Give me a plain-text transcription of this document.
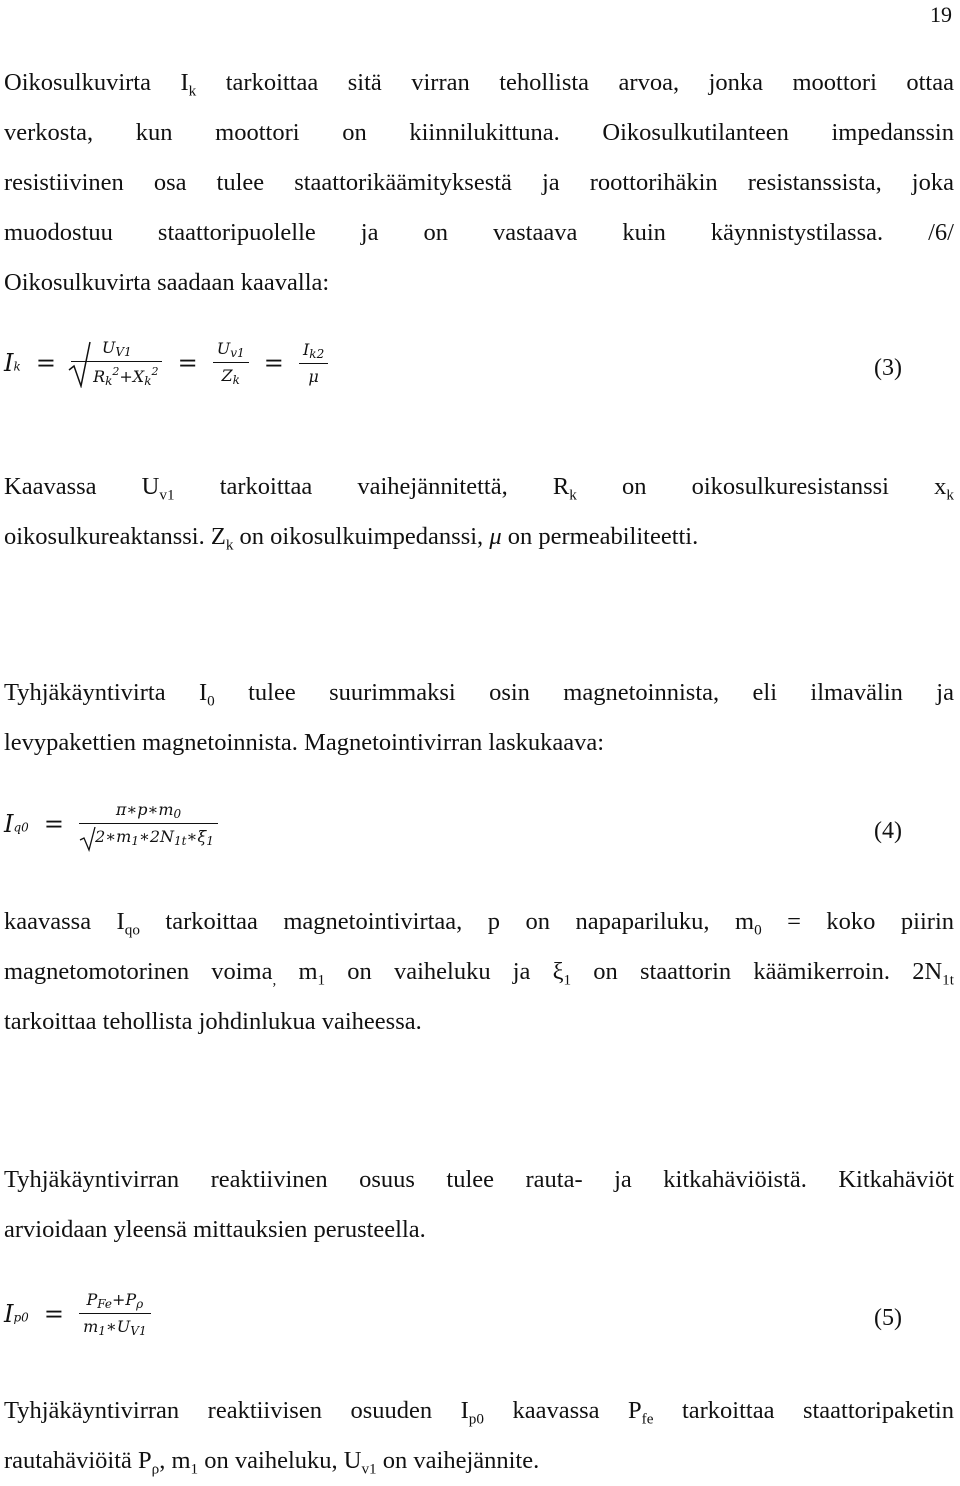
19
Oikosulkuvirta $I_k$ tarkoittaa sitä virran tehollista arvoa, jonka moottori ottaa
verkosta, kun moottori on kiinnilukittuna. Oikosulkutilanteen impedanssin
resistiivinen osa tulee staattorikäämityksestä ja roottorihäkin resistanssista, joka
muodostuu staattoripuolelle ja on vastaava kuin käynnistystilassa. /6/
Oikosulkuvirta saadaan kaavalla:
$Ik = \frac{UV1}{Rk^2+Xk^2} = \frac{Uv1}{Zk} = \frac{Ik2}{\mu}$	(3)
Kaavassa $U_{v1}$ tarkoittaa vaihejännitettä, $R_k$ on oikosulkuresistanssi $x_k$
oikosulkureaktanssi. $Z_k$ on oikosulkuimpedanssi, μ on permeabiliteetti.
Tyhjäkäyntivirta $I_0$ tulee suurimmaksi osin magnetoinnista, eli ilmavälin ja
levypakettien magnetoinnista. Magnetointivirran laskukaava:
$Iq0 = \frac{\pi∗p∗m0}{2∗m1∗2N1t∗\xi 1}$	(4)
kaavassa $I_{qo}$ tarkoittaa magnetointivirtaa, p on napapariluku, $m_0$ = koko piirin
magnetomotorinen voima$_,$ $m_1$ on vaiheluku ja $\xi_1$ on staattorin käämikerroin. $2N_{1t}$
tarkoittaa tehollista johdinlukua vaiheessa.
Tyhjäkäyntivirran reaktiivinen osuus tulee rauta- ja kitkahäviöistä. Kitkahäviöt
arvioidaan yleensä mittauksien perusteella.
$Ip0 = \frac{\text{PFe+Pρ}}{m1∗UV1}$	(5)
Tyhjäkäyntivirran reaktiivisen osuuden $I_{p0}$ kaavassa $P_{fe}$ tarkoittaa staattoripaketin
rautahäviöitä $P_\rho$, $m_1$ on vaiheluku, $U_{v1}$ on vaihejännite.
